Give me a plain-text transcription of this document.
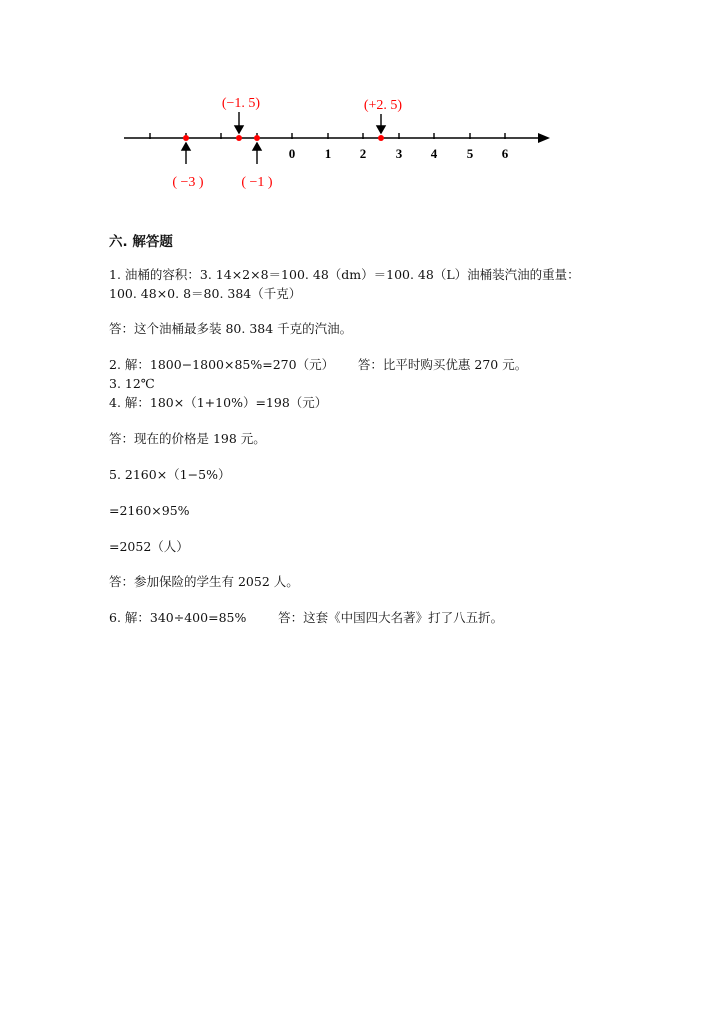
0 1 2 3 4 5 6
(−1. 5)	(+2. 5)
( −3 )	( −1 )
六. 解答题
1. 油桶的容积：3. 14×2×8＝100. 48（dm）＝100. 48（L）油桶装汽油的重量：
100. 48×0. 8＝80. 384（千克）
答：这个油桶最多装 80. 384 千克的汽油。
2. 解：1800−1800×85%=270（元）      答：比平时购买优惠 270 元。
3. 12℃
4. 解：180×（1+10%）=198（元）
答：现在的价格是 198 元。
5. 2160×（1−5%）
=2160×95%
=2052（人）
答：参加保险的学生有 2052 人。
6. 解：340÷400=85%        答：这套《中国四大名著》打了八五折。
